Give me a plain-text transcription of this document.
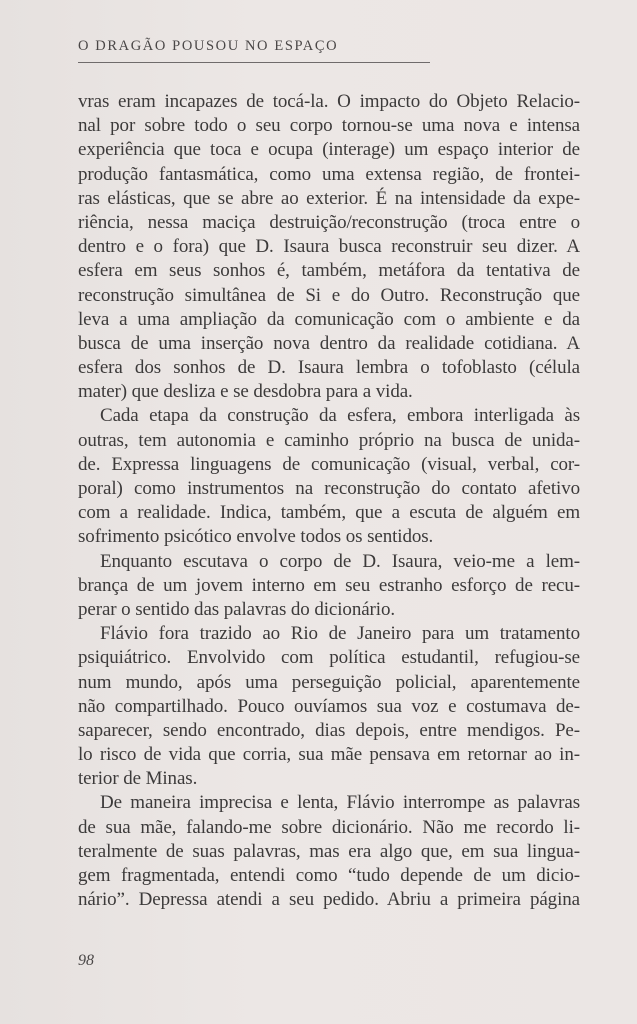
O DRAGÃO POUSOU NO ESPAÇO
vras eram incapazes de tocá-la. O impacto do Objeto Relacio-
nal por sobre todo o seu corpo tornou-se uma nova e intensa
experiência que toca e ocupa (interage) um espaço interior de
produção fantasmática, como uma extensa região, de frontei-
ras elásticas, que se abre ao exterior. É na intensidade da expe-
riência, nessa maciça destruição/reconstrução (troca entre o
dentro e o fora) que D. Isaura busca reconstruir seu dizer. A
esfera em seus sonhos é, também, metáfora da tentativa de
reconstrução simultânea de Si e do Outro. Reconstrução que
leva a uma ampliação da comunicação com o ambiente e da
busca de uma inserção nova dentro da realidade cotidiana. A
esfera dos sonhos de D. Isaura lembra o tofoblasto (célula
mater) que desliza e se desdobra para a vida.
Cada etapa da construção da esfera, embora interligada às
outras, tem autonomia e caminho próprio na busca de unida-
de. Expressa linguagens de comunicação (visual, verbal, cor-
poral) como instrumentos na reconstrução do contato afetivo
com a realidade. Indica, também, que a escuta de alguém em
sofrimento psicótico envolve todos os sentidos.
Enquanto escutava o corpo de D. Isaura, veio-me a lem-
brança de um jovem interno em seu estranho esforço de recu-
perar o sentido das palavras do dicionário.
Flávio fora trazido ao Rio de Janeiro para um tratamento
psiquiátrico. Envolvido com política estudantil, refugiou-se
num mundo, após uma perseguição policial, aparentemente
não compartilhado. Pouco ouvíamos sua voz e costumava de-
saparecer, sendo encontrado, dias depois, entre mendigos. Pe-
lo risco de vida que corria, sua mãe pensava em retornar ao in-
terior de Minas.
De maneira imprecisa e lenta, Flávio interrompe as palavras
de sua mãe, falando-me sobre dicionário. Não me recordo li-
teralmente de suas palavras, mas era algo que, em sua lingua-
gem fragmentada, entendi como “tudo depende de um dicio-
nário”. Depressa atendi a seu pedido. Abriu a primeira página
98
